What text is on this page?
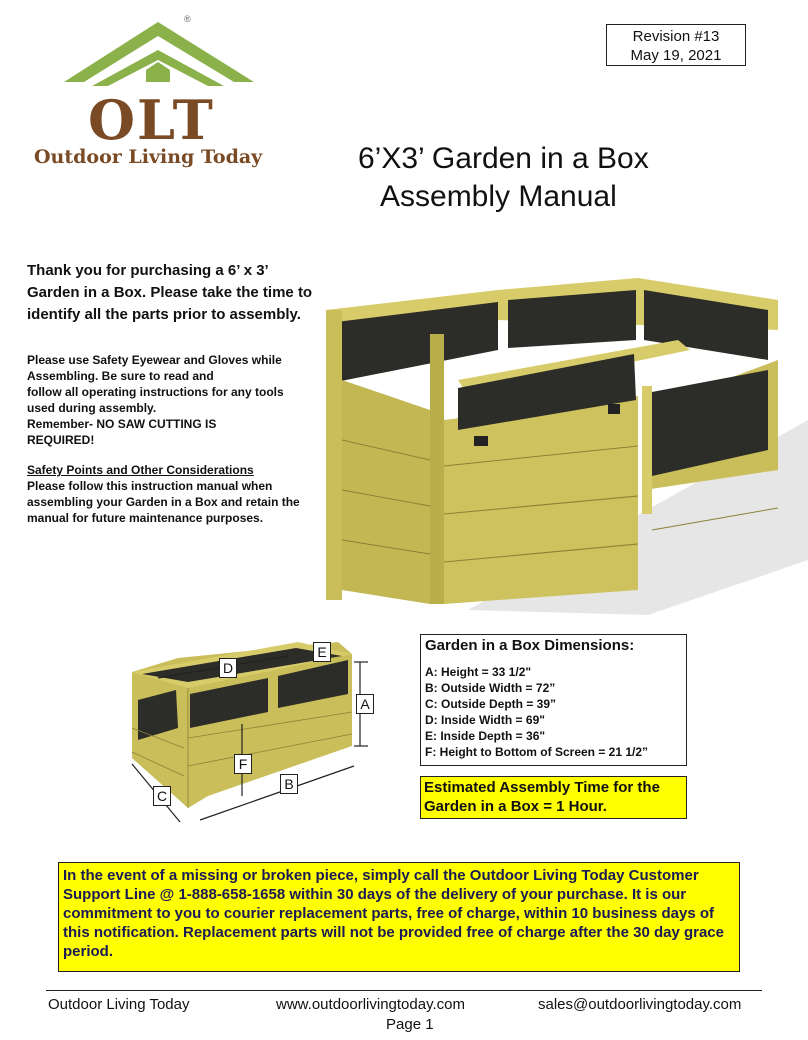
Revision #13
May 19, 2021
®
OLT
Outdoor Living Today	6’X3’ Garden in a Box
Assembly Manual
Thank you for purchasing a 6’ x 3’ Garden in a Box. Please take the time to identify all the parts prior to assembly.
Please use Safety Eyewear and Gloves while
Assembling. Be sure to read and
follow all operating instructions for any tools
used during assembly.
Remember- NO SAW CUTTING IS
REQUIRED!
Safety Points and Other Considerations
Please follow this instruction manual when assembling your Garden in a Box and retain the manual for future maintenance purposes.
D
E
A
F
B
C
Garden in a Box Dimensions:
A: Height = 33 1/2"
B: Outside Width = 72”
C: Outside Depth = 39”
D: Inside Width = 69"
E: Inside Depth = 36"
F: Height to Bottom of Screen = 21 1/2”
Estimated Assembly Time for the Garden in a Box = 1 Hour.
In the event of a missing or broken piece, simply call the Outdoor Living Today Customer Support Line @ 1-888-658-1658 within 30 days of the delivery of your purchase. It is our commitment to you to courier replacement parts, free of charge, within 10 business days of this notification. Replacement parts will not be provided free of charge after the 30 day grace period.
Outdoor Living Today	www.outdoorlivingtoday.com	sales@outdoorlivingtoday.com
Page 1
